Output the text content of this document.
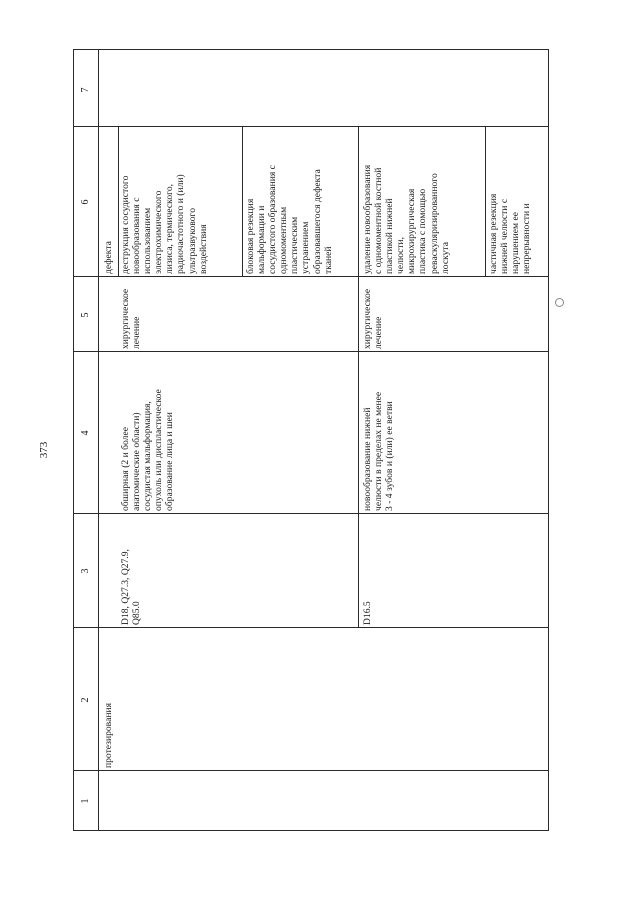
373
1
2
3
4
5
6
7
протезирования
дефекта
D18, Q27.3, Q27.9,
Q85.0
обширная (2 и более
анатомические области)
сосудистая мальформация,
опухоль или диспластическое
образование лица и шеи
хирургическое
лечение
деструкция сосудистого
новообразования с
использованием
электрохимического
лизиса, термического,
радиочастотного и (или)
ультразвукового
воздействия	блоковая резекция
мальформации и
сосудистого образования с
одномоментным
пластическим
устранением
образовавшегося дефекта
тканей
D16.5
новообразование нижней
челюсти в пределах не менее
3 - 4 зубов и (или) ее ветви
хирургическое
лечение
удаление новообразования
с одномоментной костной
пластикой нижней
челюсти,
микрохирургическая
пластика с помощью
реваскуляризированного
лоскута	частичная резекция
нижней челюсти с
нарушением ее
непрерывности и
